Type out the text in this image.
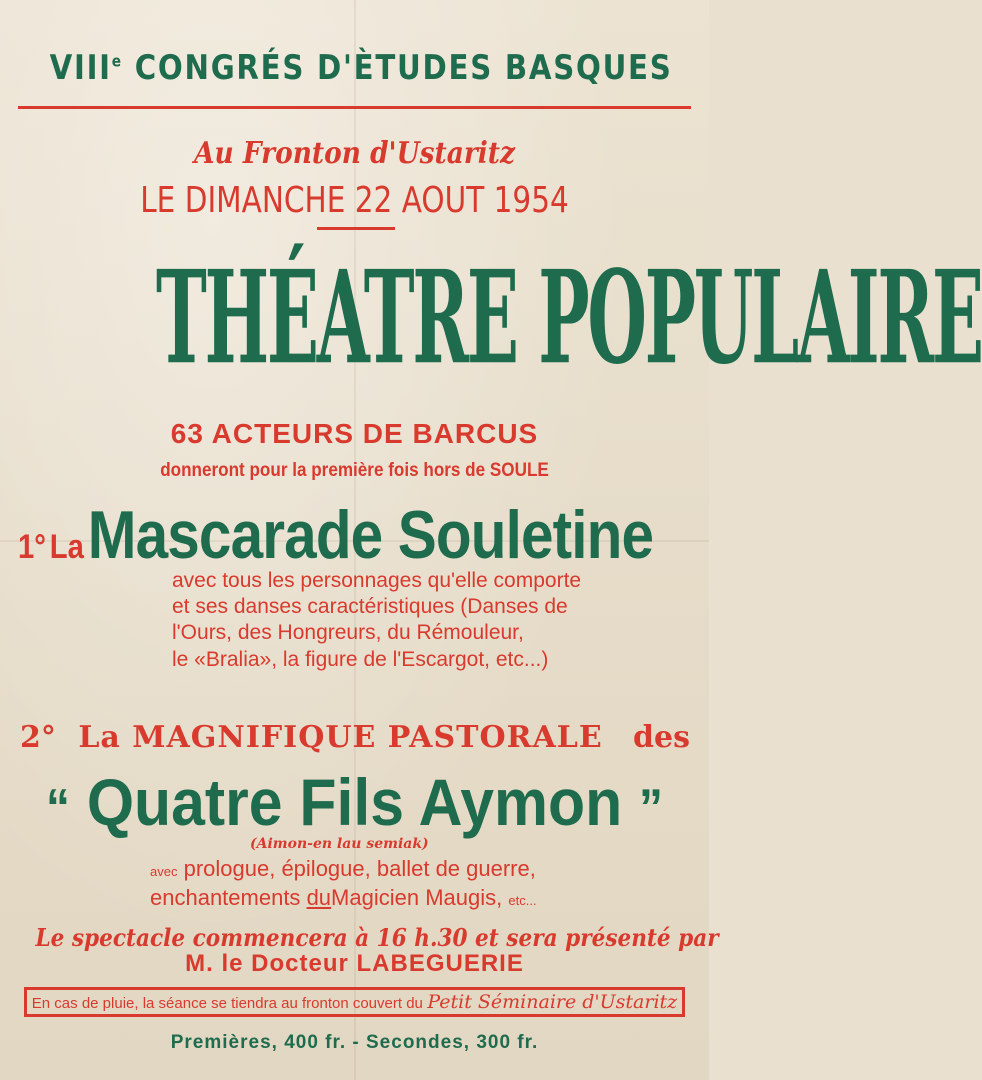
VIIIe CONGRÉS D'ÈTUDES BASQUES
Au Fronton d'Ustaritz
LE DIMANCHE 22 AOUT 1954
THÉATRE POPULAIRE
63 ACTEURS DE BARCUS
donneront pour la première fois hors de SOULE
1° La Mascarade Souletine
avec tous les personnages qu'elle comporte
et ses danses caractéristiques (Danses de
l'Ours, des Hongreurs, du Rémouleur,
le «Bralia», la figure de l'Escargot, etc...)
2° La MAGNIFIQUE PASTORALE des
“ Quatre Fils Aymon ”
(Aimon-en lau semiak)
avec prologue, épilogue, ballet de guerre,
enchantements duMagicien Maugis, etc...
Le spectacle commencera à 16 h.30 et sera présenté par
M. le Docteur LABEGUERIE
En cas de pluie, la séance se tiendra au fronton couvert du Petit Séminaire d'Ustaritz
Premières, 400 fr. - Secondes, 300 fr.
